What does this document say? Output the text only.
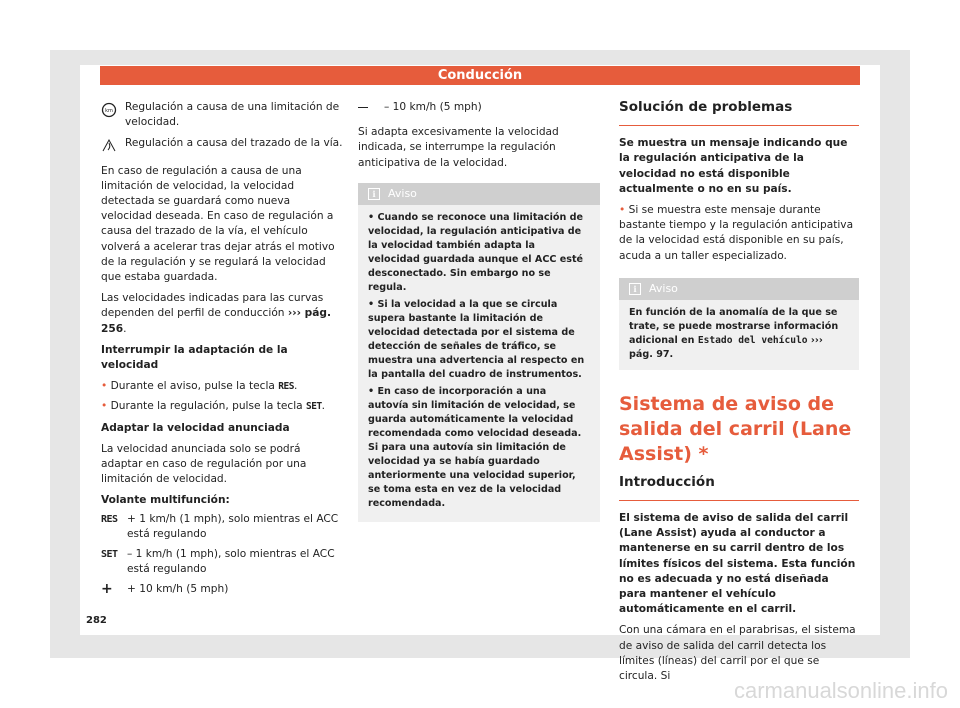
Conducción
km Regulación a causa de una limitación de velocidad.
Regulación a causa del trazado de la vía.

En caso de regulación a causa de una limitación de velocidad, la velocidad detectada se guardará como nueva velocidad deseada. En caso de regulación a causa del trazado de la vía, el vehículo volverá a acelerar tras dejar atrás el motivo de la regulación y se regulará la velocidad que estaba guardada.

Las velocidades indicadas para las curvas dependen del perfil de conducción ››› pág. 256.

Interrumpir la adaptación de la velocidad

• Durante el aviso, pulse la tecla RES.
• Durante la regulación, pulse la tecla SET.

Adaptar la velocidad anunciada

La velocidad anunciada solo se podrá adaptar en caso de regulación por una limitación de velocidad.

Volante multifunción:

RES + 1 km/h (1 mph), solo mientras el ACC está regulando
SET – 1 km/h (1 mph), solo mientras el ACC está regulando
+	+ 10 km/h (5 mph)
– 10 km/h (5 mph)

Si adapta excesivamente la velocidad indicada, se interrumpe la regulación anticipativa de la velocidad.

i Aviso
• Cuando se reconoce una limitación de velocidad, la regulación anticipativa de la velocidad también adapta la velocidad guardada aunque el ACC esté desconectado. Sin embargo no se regula.
• Si la velocidad a la que se circula supera bastante la limitación de velocidad detectada por el sistema de detección de señales de tráfico, se muestra una advertencia al respecto en la pantalla del cuadro de instrumentos.
• En caso de incorporación a una autovía sin limitación de velocidad, se guarda automáticamente la velocidad recomendada como velocidad deseada. Si para una autovía sin limitación de velocidad ya se había guardado anteriormente una velocidad superior, se toma esta en vez de la velocidad recomendada.
Solución de problemas

Se muestra un mensaje indicando que la regulación anticipativa de la velocidad no está disponible actualmente o no en su país.

• Si se muestra este mensaje durante bastante tiempo y la regulación anticipativa de la velocidad está disponible en su país, acuda a un taller especializado.

i Aviso
En función de la anomalía de la que se trate, se puede mostrarse información adicional en Estado del vehículo ››› pág. 97.
Sistema de aviso de salida del carril (Lane Assist) *
Introducción

El sistema de aviso de salida del carril (Lane Assist) ayuda al conductor a mantenerse en su carril dentro de los límites físicos del sistema. Esta función no es adecuada y no está diseñada para mantener el vehículo automáticamente en el carril.

Con una cámara en el parabrisas, el sistema de aviso de salida del carril detecta los límites (líneas) del carril por el que se circula. Si

282
carmanualsonline.info
